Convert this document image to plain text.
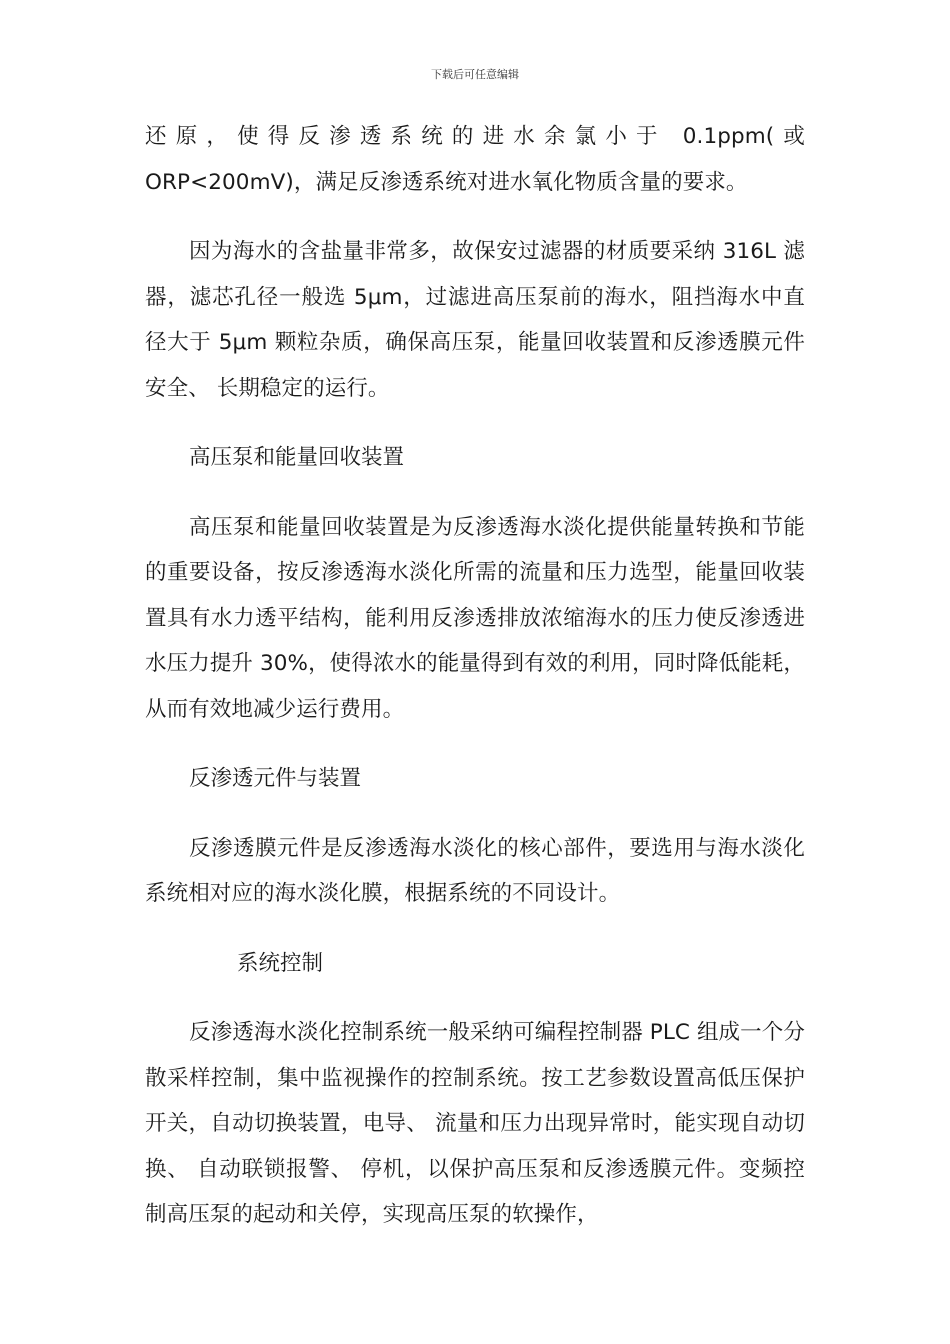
下载后可任意编辑

还原，使得反渗透系统的进水余氯小于 0.1ppm(或 ORP<200mV)，满足反渗透系统对进水氧化物质含量的要求。

因为海水的含盐量非常多，故保安过滤器的材质要采纳 316L 滤器，滤芯孔径一般选 5μm，过滤进高压泵前的海水，阻挡海水中直径大于 5μm 颗粒杂质，确保高压泵，能量回收装置和反渗透膜元件安全、 长期稳定的运行。

高压泵和能量回收装置

高压泵和能量回收装置是为反渗透海水淡化提供能量转换和节能的重要设备，按反渗透海水淡化所需的流量和压力选型，能量回收装置具有水力透平结构，能利用反渗透排放浓缩海水的压力使反渗透进水压力提升 30%，使得浓水的能量得到有效的利用，同时降低能耗，从而有效地减少运行费用。

反渗透元件与装置

反渗透膜元件是反渗透海水淡化的核心部件，要选用与海水淡化系统相对应的海水淡化膜，根据系统的不同设计。

系统控制

反渗透海水淡化控制系统一般采纳可编程控制器 PLC 组成一个分散采样控制，集中监视操作的控制系统。按工艺参数设置高低压保护开关，自动切换装置，电导、 流量和压力出现异常时，能实现自动切换、 自动联锁报警、 停机，以保护高压泵和反渗透膜元件。变频控制高压泵的起动和关停，实现高压泵的软操作，
